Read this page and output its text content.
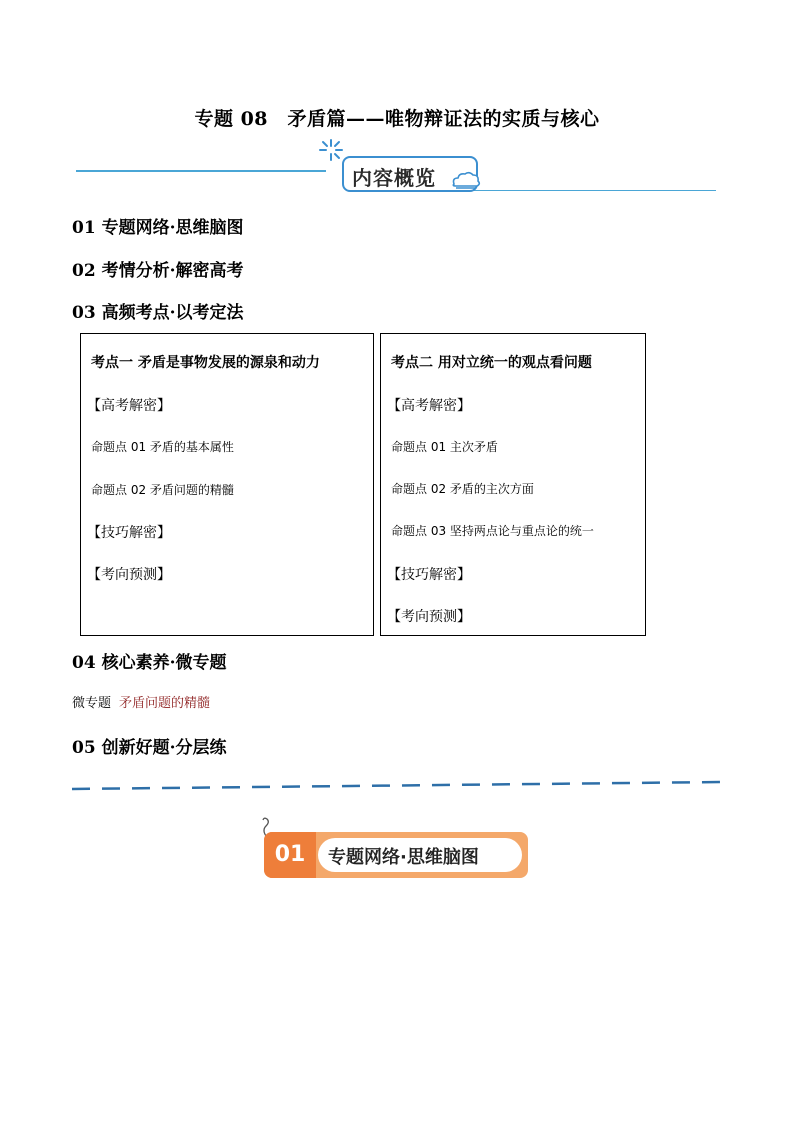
专题 08　矛盾篇——唯物辩证法的实质与核心
内容概览
01 专题网络·思维脑图
02 考情分析·解密高考
03 高频考点·以考定法
考点一 矛盾是事物发展的源泉和动力
【高考解密】
命题点 01 矛盾的基本属性
命题点 02 矛盾问题的精髓
【技巧解密】
【考向预测】
考点二 用对立统一的观点看问题
【高考解密】
命题点 01 主次矛盾
命题点 02 矛盾的主次方面
命题点 03 坚持两点论与重点论的统一
【技巧解密】
【考向预测】
04 核心素养·微专题
微专题 矛盾问题的精髓
05 创新好题·分层练
01	专题网络·思维脑图
